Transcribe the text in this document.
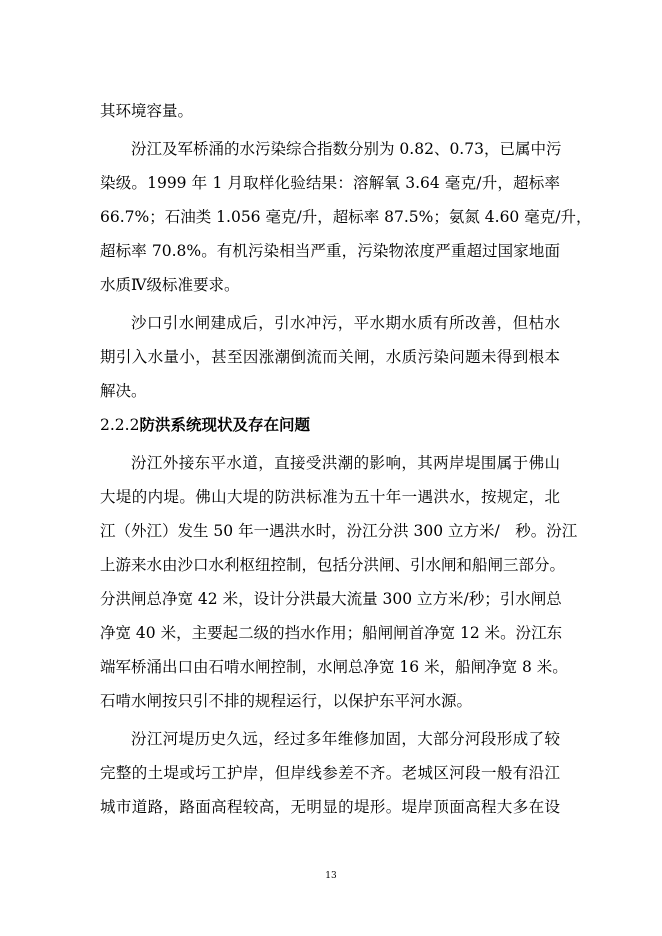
其环境容量。
汾江及军桥涌的水污染综合指数分别为 0.82、0.73，已属中污
染级。1999 年 1 月取样化验结果：溶解氧 3.64 毫克/升，超标率
66.7%；石油类 1.056 毫克/升，超标率 87.5%；氨氮 4.60 毫克/升，
超标率 70.8%。有机污染相当严重，污染物浓度严重超过国家地面
水质Ⅳ级标准要求。
沙口引水闸建成后，引水冲污，平水期水质有所改善，但枯水
期引入水量小，甚至因涨潮倒流而关闸，水质污染问题未得到根本
解决。
2.2.2防洪系统现状及存在问题
汾江外接东平水道，直接受洪潮的影响，其两岸堤围属于佛山
大堤的内堤。佛山大堤的防洪标准为五十年一遇洪水，按规定，北
江（外江）发生 50 年一遇洪水时，汾江分洪 300 立方米/　秒。汾江
上游来水由沙口水利枢纽控制，包括分洪闸、引水闸和船闸三部分。
分洪闸总净宽 42 米，设计分洪最大流量 300 立方米/秒；引水闸总
净宽 40 米，主要起二级的挡水作用；船闸闸首净宽 12 米。汾江东
端军桥涌出口由石啃水闸控制，水闸总净宽 16 米，船闸净宽 8 米。
石啃水闸按只引不排的规程运行，以保护东平河水源。
汾江河堤历史久远，经过多年维修加固，大部分河段形成了较
完整的土堤或圬工护岸，但岸线参差不齐。老城区河段一般有沿江
城市道路，路面高程较高，无明显的堤形。堤岸顶面高程大多在设
13
